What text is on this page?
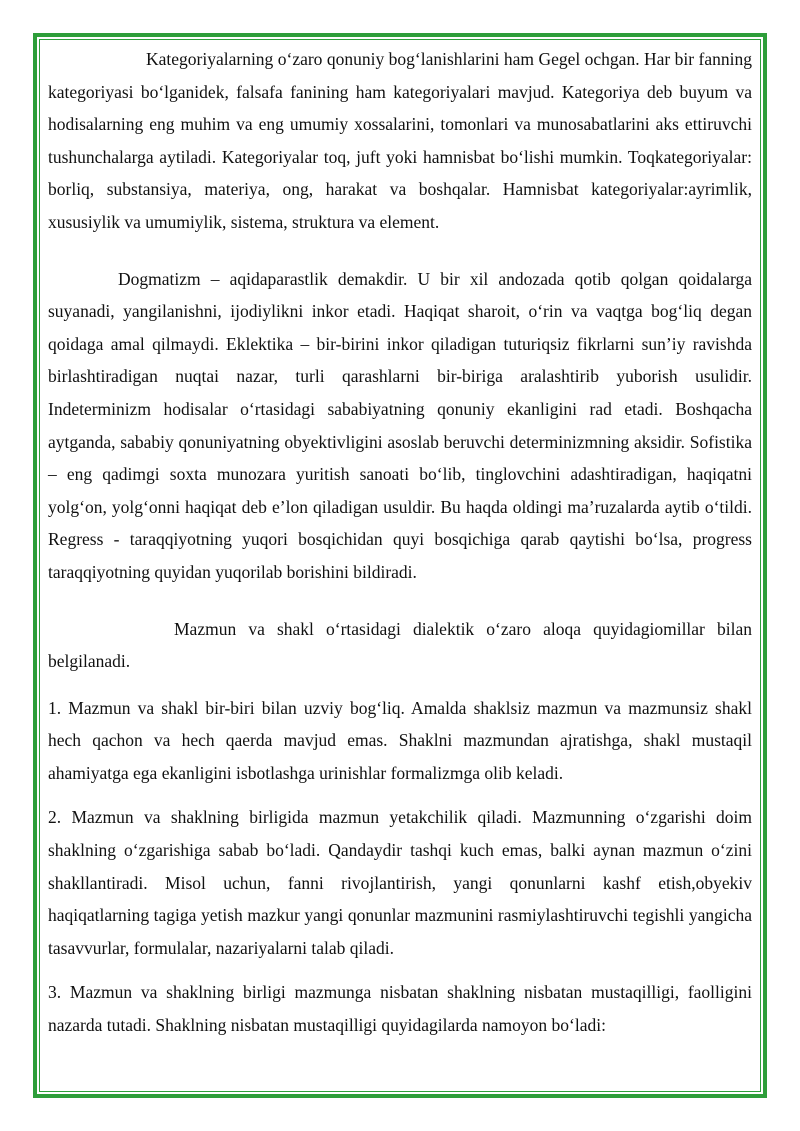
Kategoriyalarning o‘zaro qonuniy bog‘lanishlarini ham Gegel ochgan. Har bir fanning kategoriyasi bo‘lganidek, falsafa fanining ham kategoriyalari mavjud. Kategoriya deb buyum va hodisalarning eng muhim va eng umumiy xossalarini, tomonlari va munosabatlarini aks ettiruvchi tushunchalarga aytiladi. Kategoriyalar toq, juft yoki hamnisbat bo‘lishi mumkin. Toqkategoriyalar: borliq, substansiya, materiya, ong, harakat va boshqalar. Hamnisbat kategoriyalar:ayrimlik, xususiylik va umumiylik, sistema, struktura va element.

Dogmatizm – aqidaparastlik demakdir. U bir xil andozada qotib qolgan qoidalarga suyanadi, yangilanishni, ijodiylikni inkor etadi. Haqiqat sharoit, o‘rin va vaqtga bog‘liq degan qoidaga amal qilmaydi. Eklektika – bir-birini inkor qiladigan tuturiqsiz fikrlarni sun’iy ravishda birlashtiradigan nuqtai nazar, turli qarashlarni bir-biriga aralashtirib yuborish usulidir. Indeterminizm hodisalar o‘rtasidagi sababiyatning qonuniy ekanligini rad etadi. Boshqacha aytganda, sababiy qonuniyatning obyektivligini asoslab beruvchi determinizmning aksidir. Sofistika – eng qadimgi soxta munozara yuritish sanoati bo‘lib, tinglovchini adashtiradigan, haqiqatni yolg‘on, yolg‘onni haqiqat deb e’lon qiladigan usuldir. Bu haqda oldingi ma’ruzalarda aytib o‘tildi. Regress - taraqqiyotning yuqori bosqichidan quyi bosqichiga qarab qaytishi bo‘lsa, progress taraqqiyotning quyidan yuqorilab borishini bildiradi.

Mazmun va shakl o‘rtasidagi dialektik o‘zaro aloqa quyidagiomillar bilan belgilanadi.

1. Mazmun va shakl bir-biri bilan uzviy bog‘liq. Amalda shaklsiz mazmun va mazmunsiz shakl hech qachon va hech qaerda mavjud emas. Shaklni mazmundan ajratishga, shakl mustaqil ahamiyatga ega ekanligini isbotlashga urinishlar formalizmga olib keladi.

2. Mazmun va shaklning birligida mazmun yetakchilik qiladi. Mazmunning o‘zgarishi doim shaklning o‘zgarishiga sabab bo‘ladi. Qandaydir tashqi kuch emas, balki aynan mazmun o‘zini shakllantiradi. Misol uchun, fanni rivojlantirish, yangi qonunlarni kashf etish,obyekiv haqiqatlarning tagiga yetish mazkur yangi qonunlar mazmunini rasmiylashtiruvchi tegishli yangicha tasavvurlar, formulalar, nazariyalarni talab qiladi.

3. Mazmun va shaklning birligi mazmunga nisbatan shaklning nisbatan mustaqilligi, faolligini nazarda tutadi. Shaklning nisbatan mustaqilligi quyidagilarda namoyon bo‘ladi:
